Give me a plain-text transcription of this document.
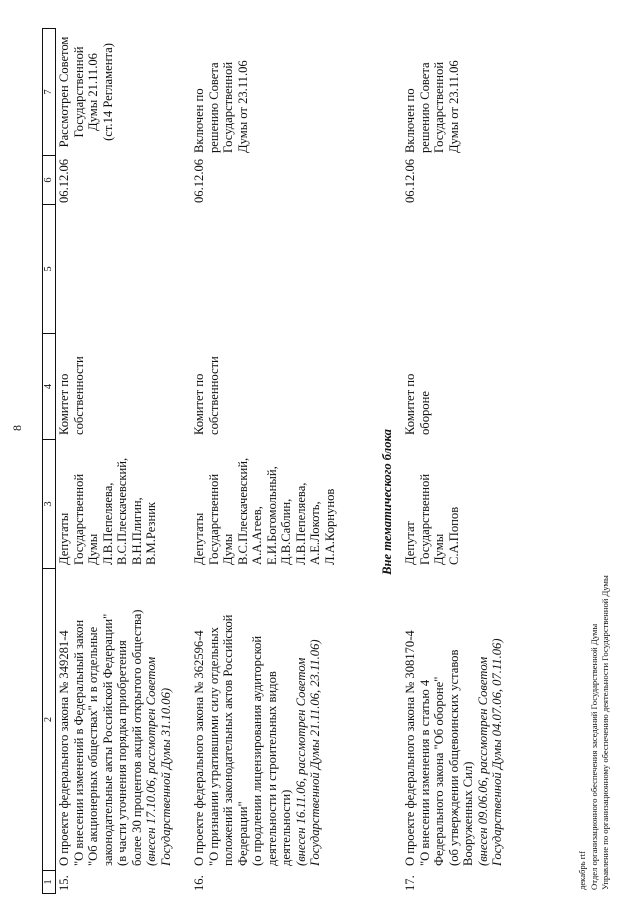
8
1
2
3
4
5
6
7
15.
О проекте федерального закона № 349281-4 "О внесении изменений в Федеральный закон "Об акционерных обществах" и в отдельные законодательные акты Российской Федерации" (в части уточнения порядка приобретения более 30 процентов акций открытого общества) (внесен 17.10.06, рассмотрен Советом Государственной Думы 31.10.06)
Депутаты Государственной Думы Л.В.Пепеляева, В.С.Плескачевский, В.Н.Плигин, В.М.Резник
Комитет по собственности
06.12.06
Рассмотрен Советом Государственной Думы 21.11.06 (ст.14 Регламента)
16.
О проекте федерального закона № 362596-4 "О признании утратившими силу отдельных положений законодательных актов Российской Федерации" (о продлении лицензирования аудиторской деятельности и строительных видов деятельности) (внесен 16.11.06, рассмотрен Советом Государственной Думы 21.11.06, 23.11.06)
Депутаты Государственной Думы В.С.Плескачевский, А.А.Агеев, Е.И.Богомольный, Д.В.Саблин, Л.В.Пепеляева, А.Е.Локоть, Л.А.Корнунов
Комитет по собственности
06.12.06
Включен по решению Совета Государственной Думы от 23.11.06
Вне тематического блока
17.
О проекте федерального закона № 308170-4 "О внесении изменения в статью 4 Федерального закона "Об обороне" (об утверждении общевоинских уставов Вооруженных Сил) (внесен 09.06.06, рассмотрен Советом Государственной Думы 04.07.06, 07.11.06)
Депутат Государственной Думы С.А.Попов
Комитет по обороне
06.12.06
Включен по решению Совета Государственной Думы от 23.11.06
декабрь rtf Отдел организационного обеспечения заседаний Государственной Думы Управление по организационному обеспечению деятельности Государственной Думы
